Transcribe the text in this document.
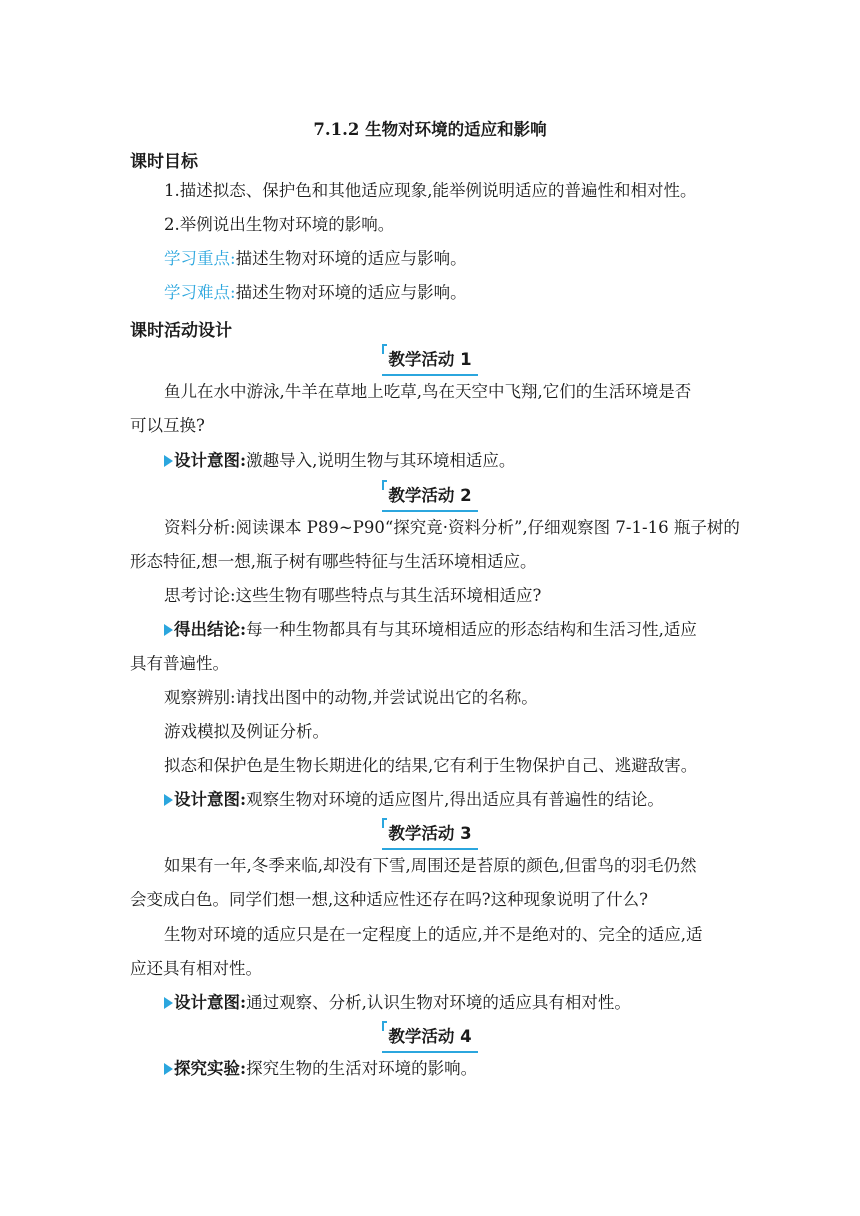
7.1.2 生物对环境的适应和影响
课时目标
1.描述拟态、保护色和其他适应现象,能举例说明适应的普遍性和相对性。
2.举例说出生物对环境的影响。
学习重点:描述生物对环境的适应与影响。
学习难点:描述生物对环境的适应与影响。
课时活动设计
教学活动 1
鱼儿在水中游泳,牛羊在草地上吃草,鸟在天空中飞翔,它们的生活环境是否
可以互换?
设计意图:激趣导入,说明生物与其环境相适应。
教学活动 2
资料分析:阅读课本 P89~P90“探究竟·资料分析”,仔细观察图 7-1-16 瓶子树的
形态特征,想一想,瓶子树有哪些特征与生活环境相适应。
思考讨论:这些生物有哪些特点与其生活环境相适应?
得出结论:每一种生物都具有与其环境相适应的形态结构和生活习性,适应
具有普遍性。
观察辨别:请找出图中的动物,并尝试说出它的名称。
游戏模拟及例证分析。
拟态和保护色是生物长期进化的结果,它有利于生物保护自己、逃避敌害。
设计意图:观察生物对环境的适应图片,得出适应具有普遍性的结论。
教学活动 3
如果有一年,冬季来临,却没有下雪,周围还是苔原的颜色,但雷鸟的羽毛仍然
会变成白色。同学们想一想,这种适应性还存在吗?这种现象说明了什么?
生物对环境的适应只是在一定程度上的适应,并不是绝对的、完全的适应,适
应还具有相对性。
设计意图:通过观察、分析,认识生物对环境的适应具有相对性。
教学活动 4
探究实验:探究生物的生活对环境的影响。
